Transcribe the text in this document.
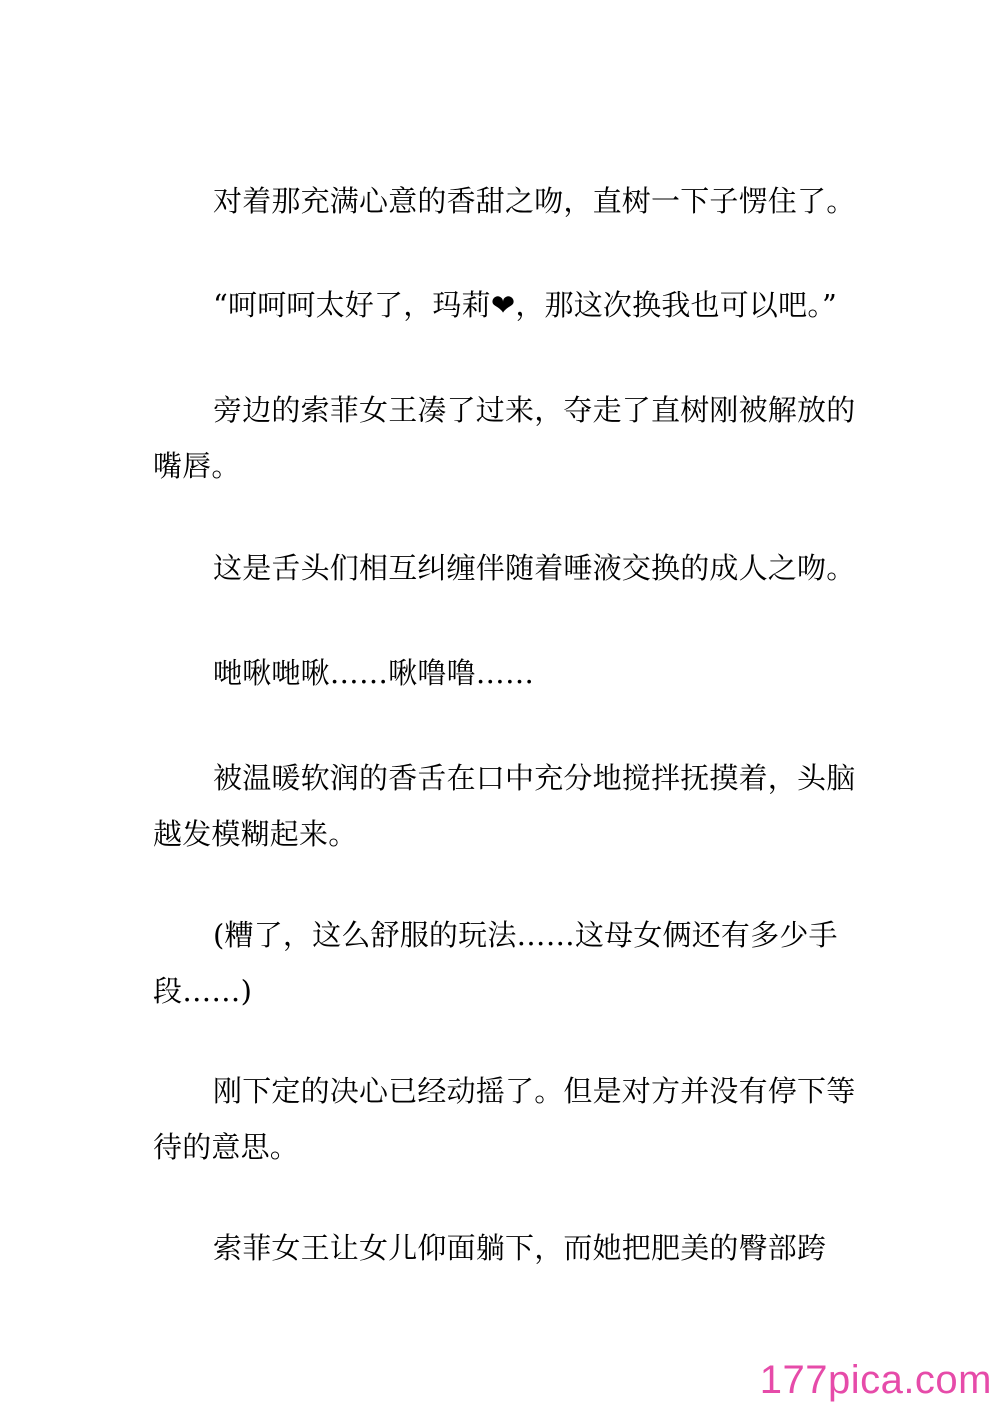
对着那充满心意的香甜之吻，直树一下子愣住了。

“呵呵呵太好了，玛莉❤，那这次换我也可以吧。”

旁边的索菲女王凑了过来，夺走了直树刚被解放的嘴唇。

这是舌头们相互纠缠伴随着唾液交换的成人之吻。

哋啾哋啾……啾噜噜……

被温暖软润的香舌在口中充分地搅拌抚摸着，头脑越发模糊起来。

(糟了，这么舒服的玩法……这母女俩还有多少手段……)

刚下定的决心已经动摇了。但是对方并没有停下等待的意思。

索菲女王让女儿仰面躺下，而她把肥美的臀部跨

177pica.com
